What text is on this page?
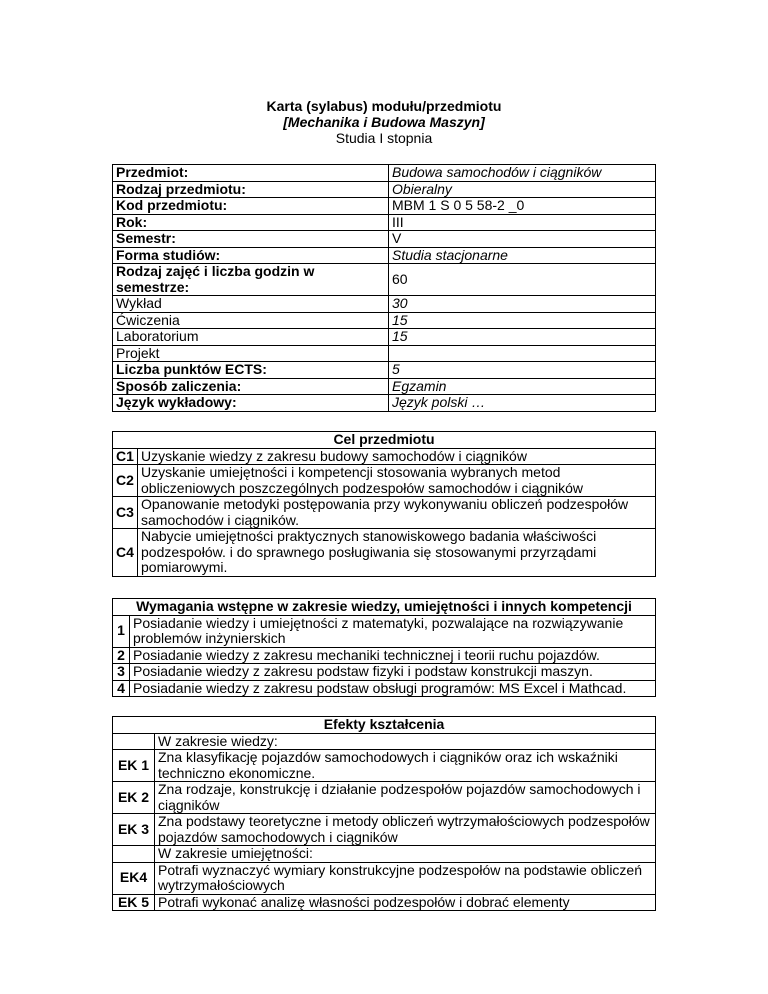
Karta (sylabus) modułu/przedmiotu
[Mechanika i Budowa Maszyn]
Studia I stopnia
Przedmiot:	Budowa samochodów i ciągników
Rodzaj przedmiotu:	Obieralny
Kod przedmiotu:	MBM 1 S 0 5 58-2 _0
Rok:	III
Semestr:	V
Forma studiów:	Studia stacjonarne
Rodzaj zajęć i liczba godzin w semestrze:	60
Wykład	30
Ćwiczenia	15
Laboratorium	15
Projekt	
Liczba punktów ECTS:	5
Sposób zaliczenia:	Egzamin
Język wykładowy:	Język polski …
Cel przedmiotu	
C1	Uzyskanie wiedzy z zakresu budowy samochodów i ciągników
C2	Uzyskanie umiejętności i kompetencji stosowania wybranych metod obliczeniowych poszczególnych podzespołów samochodów i ciągników
C3	Opanowanie metodyki postępowania przy wykonywaniu obliczeń podzespołów samochodów i ciągników.
C4	Nabycie umiejętności praktycznych stanowiskowego badania właściwości podzespołów. i do sprawnego posługiwania się stosowanymi przyrządami pomiarowymi.
Wymagania wstępne w zakresie wiedzy, umiejętności i innych kompetencji	
1	Posiadanie wiedzy i umiejętności z matematyki, pozwalające na rozwiązywanie problemów inżynierskich
2	Posiadanie wiedzy z zakresu mechaniki technicznej i teorii ruchu pojazdów.
3	Posiadanie wiedzy z zakresu podstaw fizyki i podstaw konstrukcji maszyn.
4	Posiadanie wiedzy z zakresu podstaw obsługi programów: MS Excel i Mathcad.
Efekty kształcenia	
	W zakresie wiedzy:
EK 1	Zna klasyfikację pojazdów samochodowych i ciągników oraz ich wskaźniki techniczno ekonomiczne.
EK 2	Zna rodzaje, konstrukcję i działanie podzespołów pojazdów samochodowych i ciągników
EK 3	Zna podstawy teoretyczne i metody obliczeń wytrzymałościowych podzespołów pojazdów samochodowych i ciągników
	W zakresie umiejętności:
EK4	Potrafi wyznaczyć wymiary konstrukcyjne podzespołów na podstawie obliczeń wytrzymałościowych
EK 5	Potrafi wykonać analizę własności podzespołów i dobrać elementy
